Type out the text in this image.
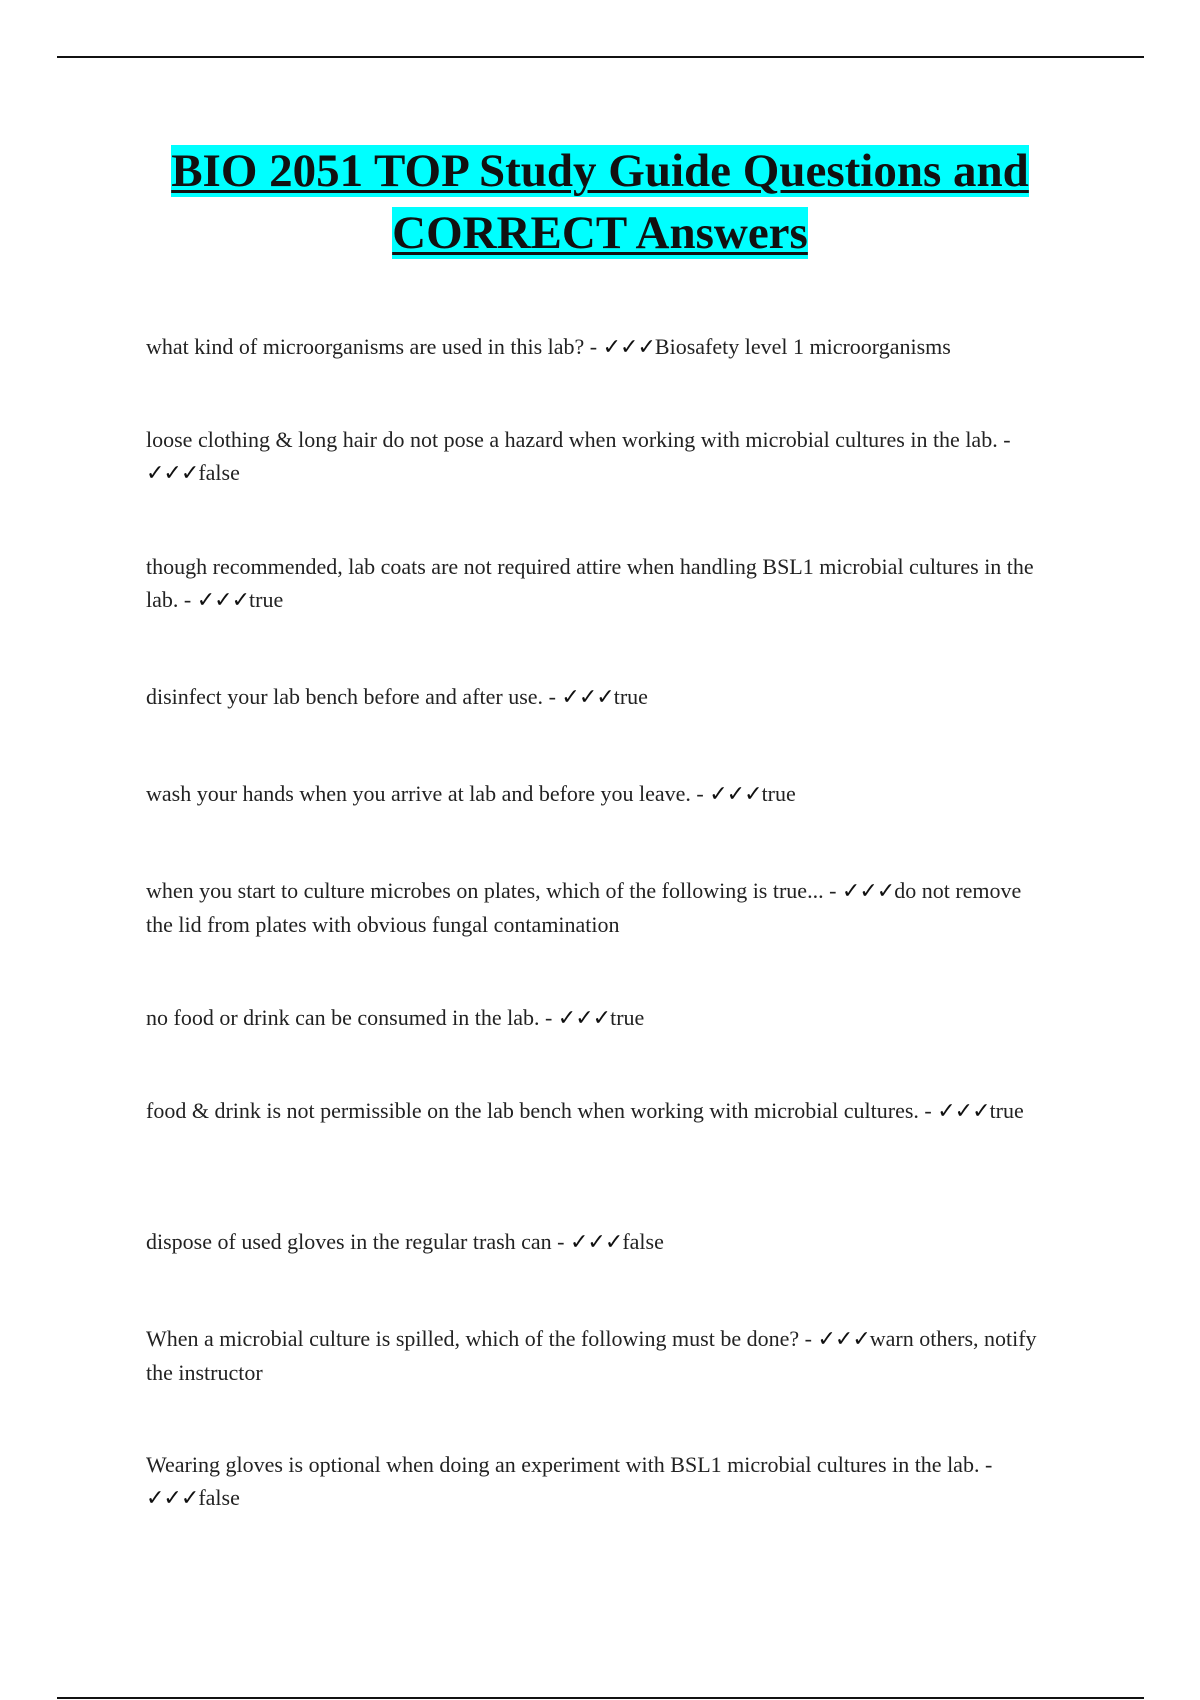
BIO 2051 TOP Study Guide Questions and CORRECT Answers

what kind of microorganisms are used in this lab? - ✓✓✓Biosafety level 1 microorganisms

loose clothing & long hair do not pose a hazard when working with microbial cultures in the lab. - ✓✓✓false

though recommended, lab coats are not required attire when handling BSL1 microbial cultures in the lab. - ✓✓✓true

disinfect your lab bench before and after use. - ✓✓✓true

wash your hands when you arrive at lab and before you leave. - ✓✓✓true

when you start to culture microbes on plates, which of the following is true... - ✓✓✓do not remove the lid from plates with obvious fungal contamination

no food or drink can be consumed in the lab. - ✓✓✓true

food & drink is not permissible on the lab bench when working with microbial cultures. - ✓✓✓true

dispose of used gloves in the regular trash can - ✓✓✓false

When a microbial culture is spilled, which of the following must be done? - ✓✓✓warn others, notify the instructor

Wearing gloves is optional when doing an experiment with BSL1 microbial cultures in the lab. - ✓✓✓false
